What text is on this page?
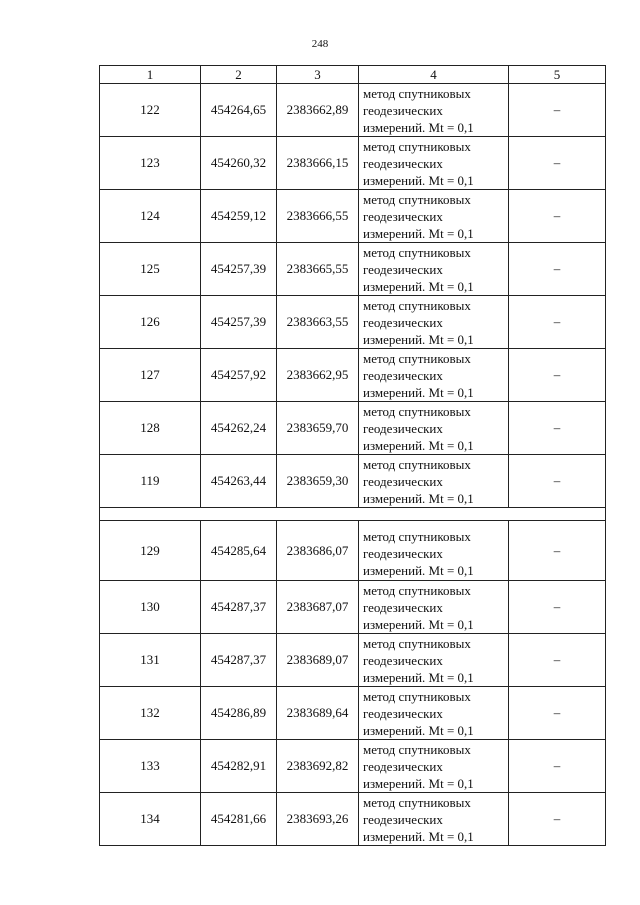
248
1	2	3	4	5
122	454264,65	2383662,89	метод спутниковых
геодезических
измерений. Mt = 0,1	–
123	454260,32	2383666,15	метод спутниковых
геодезических
измерений. Mt = 0,1	–
124	454259,12	2383666,55	метод спутниковых
геодезических
измерений. Mt = 0,1	–
125	454257,39	2383665,55	метод спутниковых
геодезических
измерений. Mt = 0,1	–
126	454257,39	2383663,55	метод спутниковых
геодезических
измерений. Mt = 0,1	–
127	454257,92	2383662,95	метод спутниковых
геодезических
измерений. Mt = 0,1	–
128	454262,24	2383659,70	метод спутниковых
геодезических
измерений. Mt = 0,1	–
119	454263,44	2383659,30	метод спутниковых
геодезических
измерений. Mt = 0,1	–

129	454285,64	2383686,07	метод спутниковых
геодезических
измерений. Mt = 0,1	–
130	454287,37	2383687,07	метод спутниковых
геодезических
измерений. Mt = 0,1	–
131	454287,37	2383689,07	метод спутниковых
геодезических
измерений. Mt = 0,1	–
132	454286,89	2383689,64	метод спутниковых
геодезических
измерений. Mt = 0,1	–
133	454282,91	2383692,82	метод спутниковых
геодезических
измерений. Mt = 0,1	–
134	454281,66	2383693,26	метод спутниковых
геодезических
измерений. Mt = 0,1	–
